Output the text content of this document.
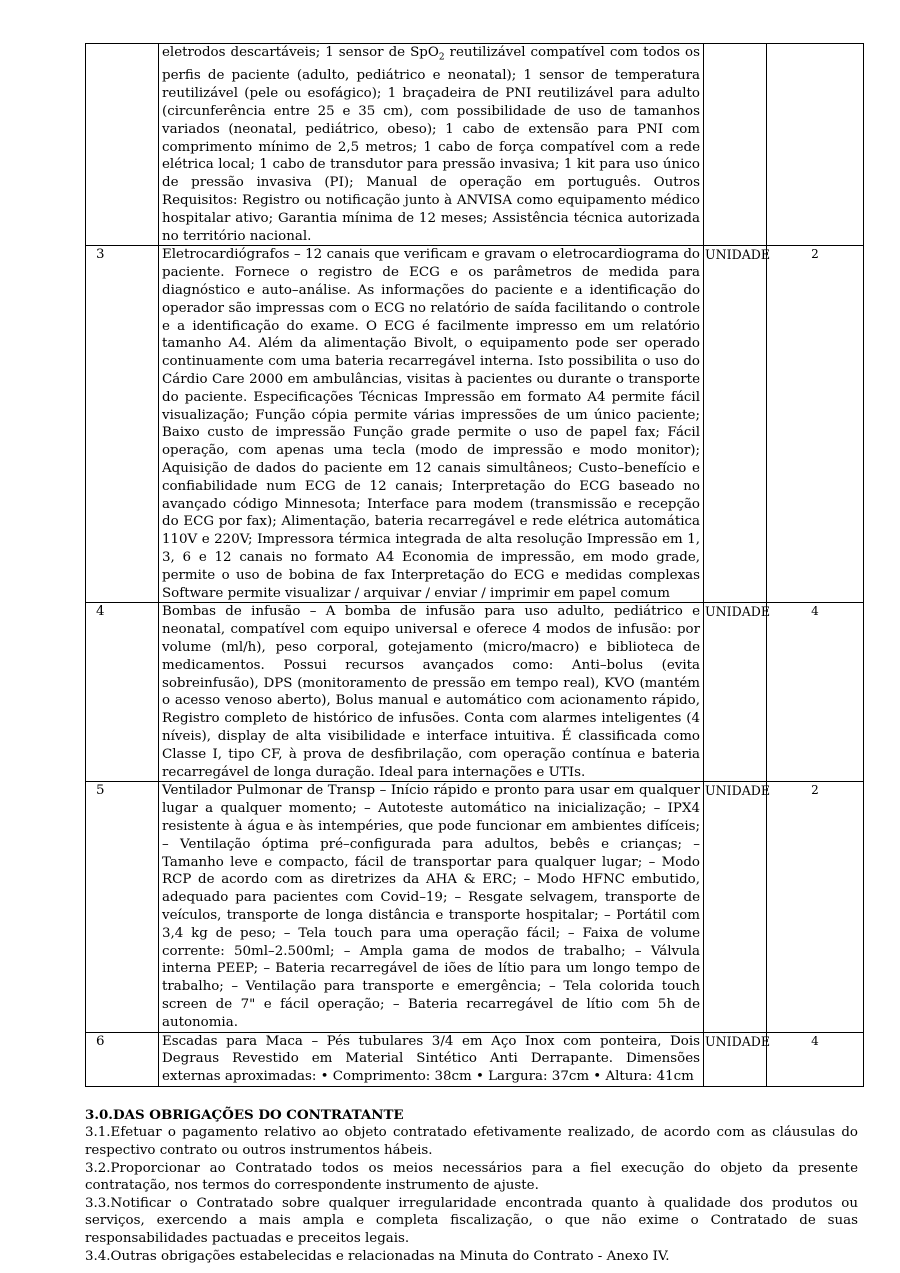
	eletrodos descartáveis; 1 sensor de SpO$_2$ reutilizável compatível com todos os perfis de paciente (adulto, pediátrico e neonatal); 1 sensor de temperatura reutilizável (pele ou esofágico); 1 braçadeira de PNI reutilizável para adulto (circunferência entre 25 e 35 cm), com possibilidade de uso de tamanhos variados (neonatal, pediátrico, obeso); 1 cabo de extensão para PNI com comprimento mínimo de 2,5 metros; 1 cabo de força compatível com a rede elétrica local; 1 cabo de transdutor para pressão invasiva; 1 kit para uso único de pressão invasiva (PI); Manual de operação em português. Outros Requisitos: Registro ou notificação junto à ANVISA como equipamento médico hospitalar ativo; Garantia mínima de 12 meses; Assistência técnica autorizada no território nacional.		
3	Eletrocardiógrafos – 12 canais que verificam e gravam o eletrocardiograma do paciente. Fornece o registro de ECG e os parâmetros de medida para diagnóstico e auto–análise. As informações do paciente e a identificação do operador são impressas com o ECG no relatório de saída facilitando o controle e a identificação do exame. O ECG é facilmente impresso em um relatório tamanho A4. Além da alimentação Bivolt, o equipamento pode ser operado continuamente com uma bateria recarregável interna. Isto possibilita o uso do Cárdio Care 2000 em ambulâncias, visitas à pacientes ou durante o transporte do paciente. Especificações Técnicas Impressão em formato A4 permite fácil visualização; Função cópia permite várias impressões de um único paciente; Baixo custo de impressão Função grade permite o uso de papel fax; Fácil operação, com apenas uma tecla (modo de impressão e modo monitor); Aquisição de dados do paciente em 12 canais simultâneos; Custo–benefício e confiabilidade num ECG de 12 canais; Interpretação do ECG baseado no avançado código Minnesota; Interface para modem (transmissão e recepção do ECG por fax); Alimentação, bateria recarregável e rede elétrica automática 110V e 220V; Impressora térmica integrada de alta resolução Impressão em 1, 3, 6 e 12 canais no formato A4 Economia de impressão, em modo grade, permite o uso de bobina de fax Interpretação do ECG e medidas complexas Software permite visualizar / arquivar / enviar / imprimir em papel comum	UNIDADE	2
4	Bombas de infusão – A bomba de infusão para uso adulto, pediátrico e neonatal, compatível com equipo universal e oferece 4 modos de infusão: por volume (ml/h), peso corporal, gotejamento (micro/macro) e biblioteca de medicamentos. Possui recursos avançados como: Anti–bolus (evita sobreinfusão), DPS (monitoramento de pressão em tempo real), KVO (mantém o acesso venoso aberto), Bolus manual e automático com acionamento rápido, Registro completo de histórico de infusões. Conta com alarmes inteligentes (4 níveis), display de alta visibilidade e interface intuitiva. É classificada como Classe I, tipo CF, à prova de desfibrilação, com operação contínua e bateria recarregável de longa duração. Ideal para internações e UTIs.	UNIDADE	4
5	Ventilador Pulmonar de Transp – Início rápido e pronto para usar em qualquer lugar a qualquer momento; – Autoteste automático na inicialização; – IPX4 resistente à água e às intempéries, que pode funcionar em ambientes difíceis; – Ventilação óptima pré–configurada para adultos, bebês e crianças; – Tamanho leve e compacto, fácil de transportar para qualquer lugar; – Modo RCP de acordo com as diretrizes da AHA & ERC; – Modo HFNC embutido, adequado para pacientes com Covid–19; – Resgate selvagem, transporte de veículos, transporte de longa distância e transporte hospitalar; – Portátil com 3,4 kg de peso; – Tela touch para uma operação fácil; – Faixa de volume corrente: 50ml–2.500ml; – Ampla gama de modos de trabalho; – Válvula interna PEEP; – Bateria recarregável de iões de lítio para um longo tempo de trabalho; – Ventilação para transporte e emergência; – Tela colorida touch screen de 7" e fácil operação; – Bateria recarregável de lítio com 5h de autonomia.	UNIDADE	2
6	Escadas para Maca – Pés tubulares 3/4 em Aço Inox com ponteira, Dois Degraus Revestido em Material Sintético Anti Derrapante. Dimensões externas aproximadas: • Comprimento: 38cm • Largura: 37cm • Altura: 41cm	UNIDADE	4
3.0.DAS OBRIGAÇÕES DO CONTRATANTE

3.1.Efetuar o pagamento relativo ao objeto contratado efetivamente realizado, de acordo com as cláusulas do respectivo contrato ou outros instrumentos hábeis.

3.2.Proporcionar ao Contratado todos os meios necessários para a fiel execução do objeto da presente contratação, nos termos do correspondente instrumento de ajuste.

3.3.Notificar o Contratado sobre qualquer irregularidade encontrada quanto à qualidade dos produtos ou serviços, exercendo a mais ampla e completa fiscalização, o que não exime o Contratado de suas responsabilidades pactuadas e preceitos legais.

3.4.Outras obrigações estabelecidas e relacionadas na Minuta do Contrato - Anexo IV.
